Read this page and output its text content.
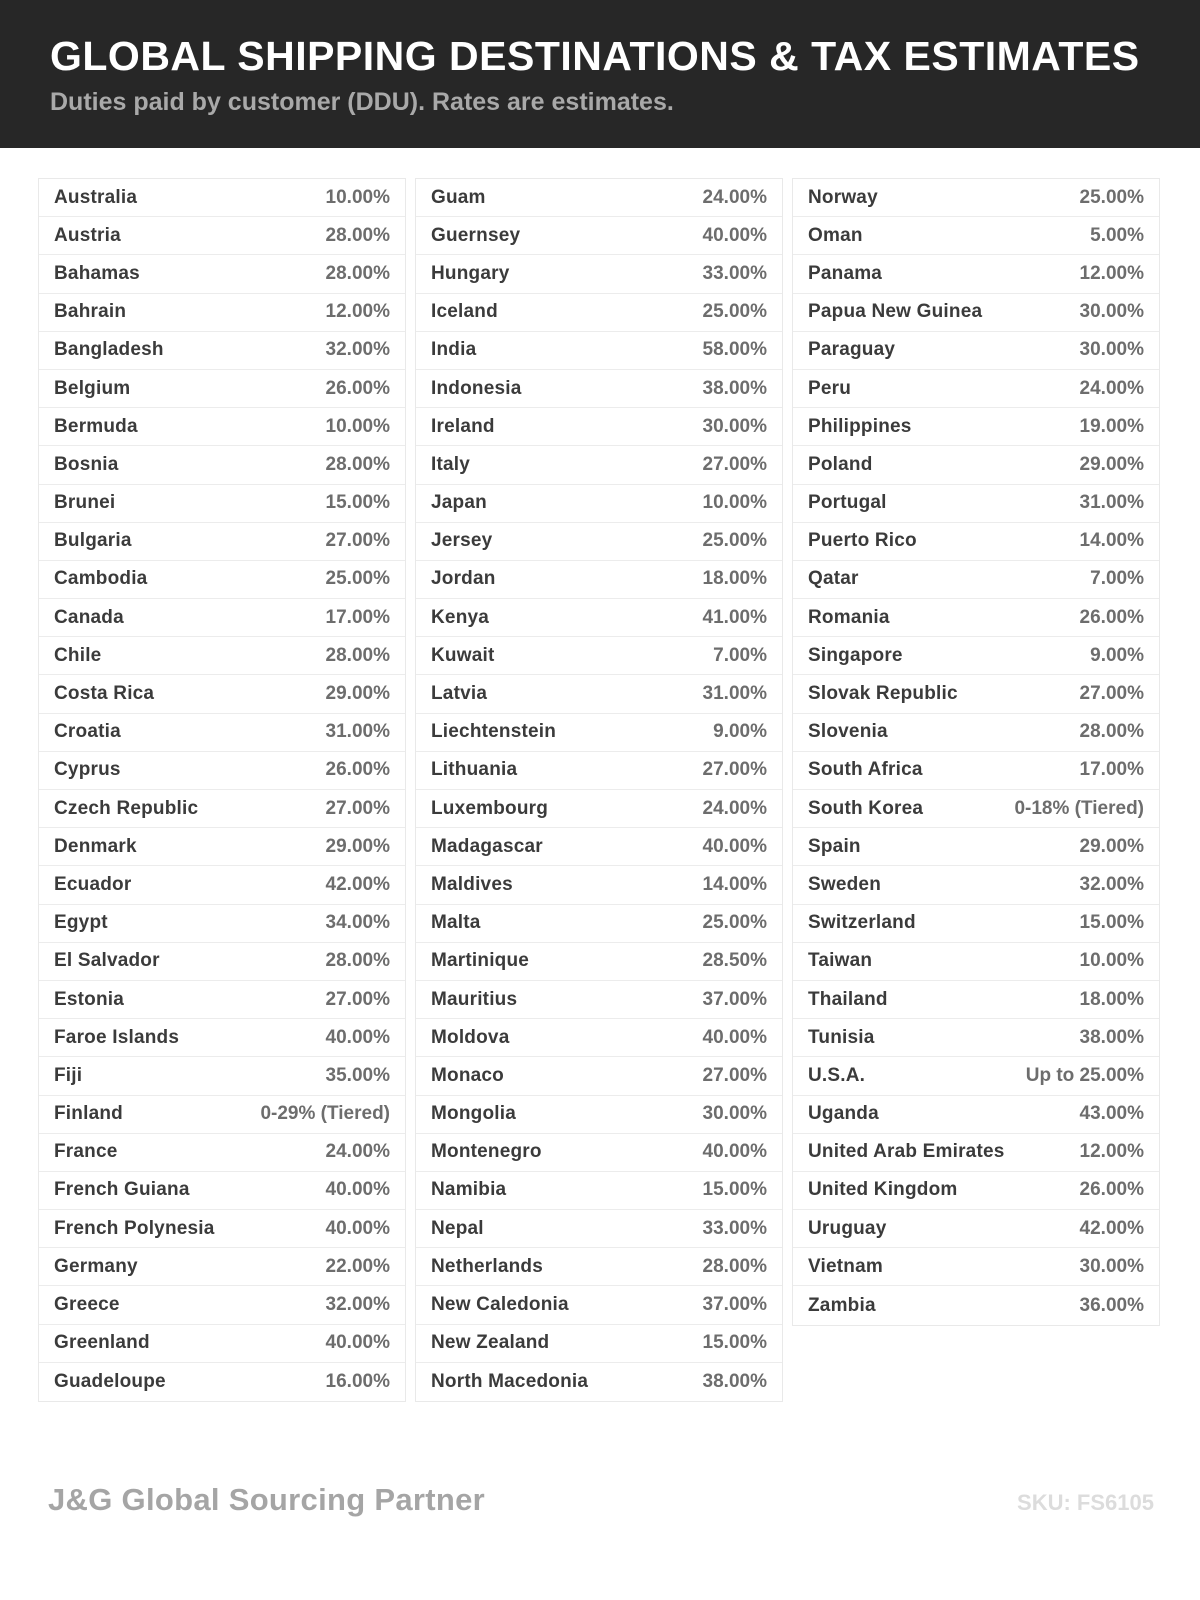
GLOBAL SHIPPING DESTINATIONS & TAX ESTIMATES
Duties paid by customer (DDU). Rates are estimates.
Australia	10.00%
Austria	28.00%
Bahamas	28.00%
Bahrain	12.00%
Bangladesh	32.00%
Belgium	26.00%
Bermuda	10.00%
Bosnia	28.00%
Brunei	15.00%
Bulgaria	27.00%
Cambodia	25.00%
Canada	17.00%
Chile	28.00%
Costa Rica	29.00%
Croatia	31.00%
Cyprus	26.00%
Czech Republic	27.00%
Denmark	29.00%
Ecuador	42.00%
Egypt	34.00%
El Salvador	28.00%
Estonia	27.00%
Faroe Islands	40.00%
Fiji	35.00%
Finland	0-29% (Tiered)
France	24.00%
French Guiana	40.00%
French Polynesia	40.00%
Germany	22.00%
Greece	32.00%
Greenland	40.00%
Guadeloupe	16.00%
Guam	24.00%
Guernsey	40.00%
Hungary	33.00%
Iceland	25.00%
India	58.00%
Indonesia	38.00%
Ireland	30.00%
Italy	27.00%
Japan	10.00%
Jersey	25.00%
Jordan	18.00%
Kenya	41.00%
Kuwait	7.00%
Latvia	31.00%
Liechtenstein	9.00%
Lithuania	27.00%
Luxembourg	24.00%
Madagascar	40.00%
Maldives	14.00%
Malta	25.00%
Martinique	28.50%
Mauritius	37.00%
Moldova	40.00%
Monaco	27.00%
Mongolia	30.00%
Montenegro	40.00%
Namibia	15.00%
Nepal	33.00%
Netherlands	28.00%
New Caledonia	37.00%
New Zealand	15.00%
North Macedonia	38.00%
Norway	25.00%
Oman	5.00%
Panama	12.00%
Papua New Guinea	30.00%
Paraguay	30.00%
Peru	24.00%
Philippines	19.00%
Poland	29.00%
Portugal	31.00%
Puerto Rico	14.00%
Qatar	7.00%
Romania	26.00%
Singapore	9.00%
Slovak Republic	27.00%
Slovenia	28.00%
South Africa	17.00%
South Korea	0-18% (Tiered)
Spain	29.00%
Sweden	32.00%
Switzerland	15.00%
Taiwan	10.00%
Thailand	18.00%
Tunisia	38.00%
U.S.A.	Up to 25.00%
Uganda	43.00%
United Arab Emirates	12.00%
United Kingdom	26.00%
Uruguay	42.00%
Vietnam	30.00%
Zambia	36.00%
J&G Global Sourcing Partner	SKU: FS6105
